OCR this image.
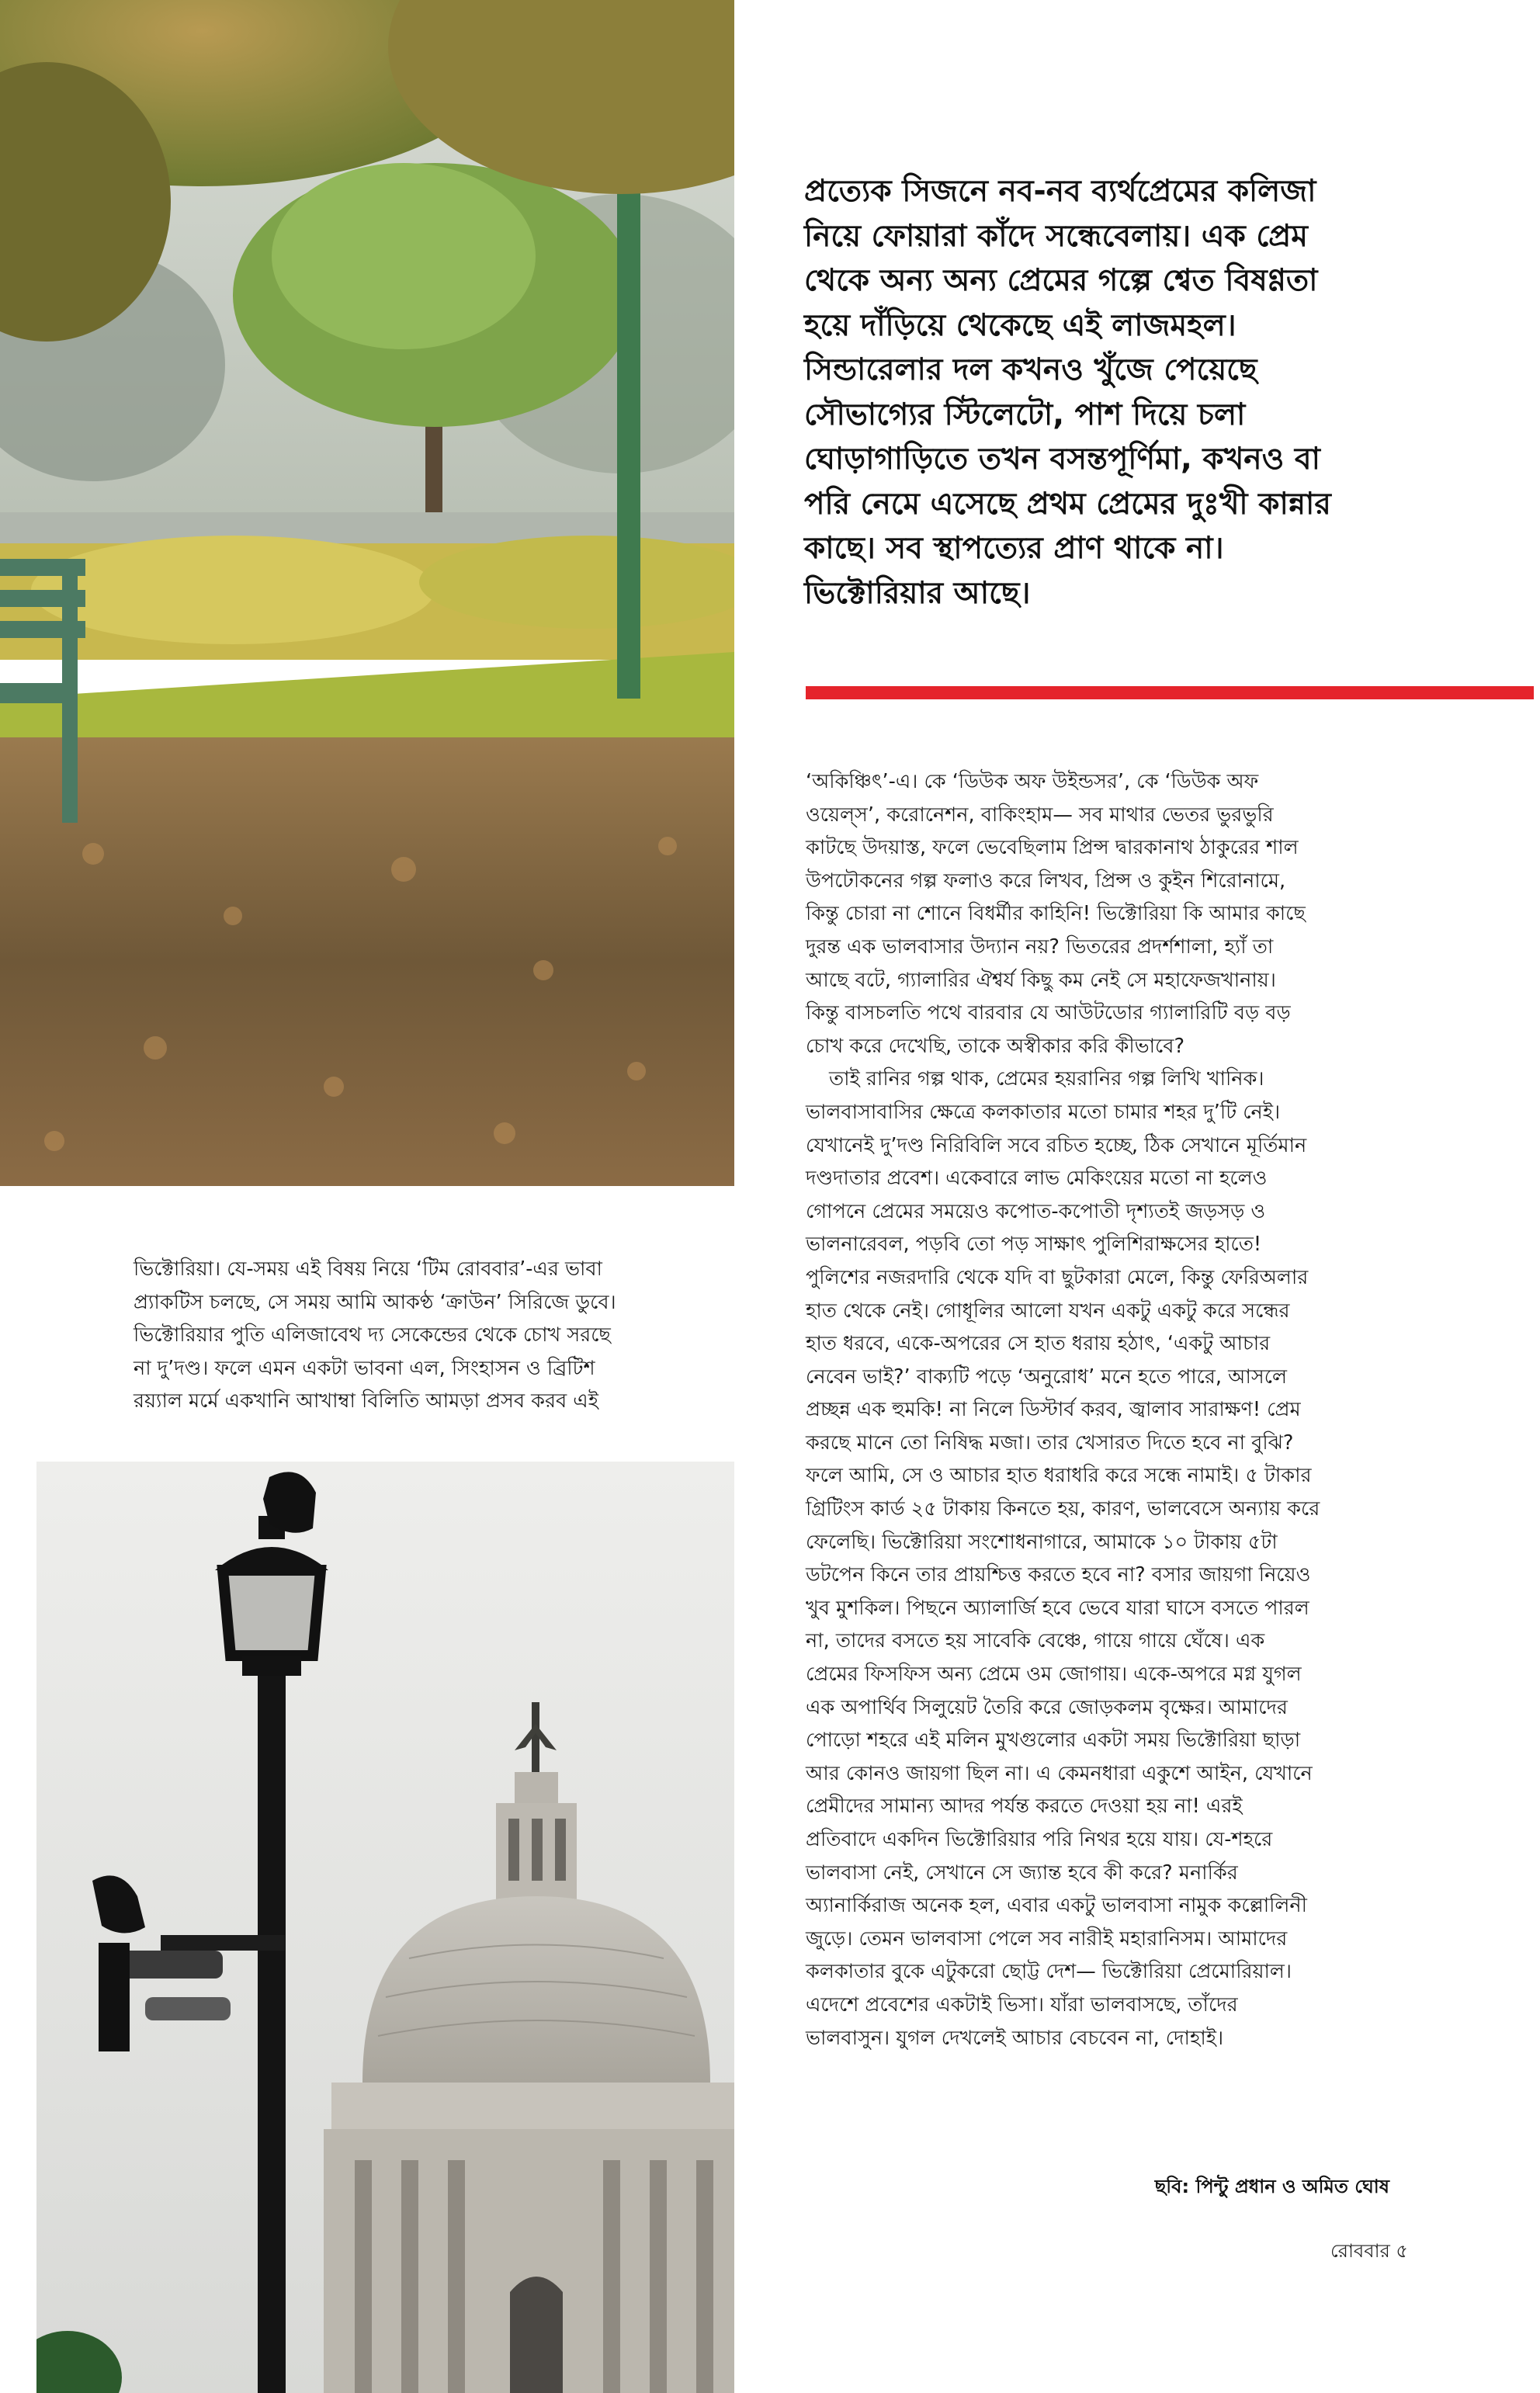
প্রত্যেক সিজনে নব-নব ব্যর্থপ্রেমের কলিজা
নিয়ে ফোয়ারা কাঁদে সন্ধেবেলায়। এক প্রেম
থেকে অন্য অন্য প্রেমের গল্পে শ্বেত বিষণ্ণতা
হয়ে দাঁড়িয়ে থেকেছে এই লাজমহল।
সিন্ডারেলার দল কখনও খুঁজে পেয়েছে
সৌভাগ্যের স্টিলেটো, পাশ দিয়ে চলা
ঘোড়াগাড়িতে তখন বসন্তপূর্ণিমা, কখনও বা
পরি নেমে এসেছে প্রথম প্রেমের দুঃখী কান্নার
কাছে। সব স্থাপত্যের প্রাণ থাকে না।
ভিক্টোরিয়ার আছে।
‘অকিঞ্চিৎ’-এ। কে ‘ডিউক অফ উইন্ডসর’, কে ‘ডিউক অফ
ওয়েল্‌স’, করোনেশন, বাকিংহাম— সব মাথার ভেতর ভুরভুরি
কাটছে উদয়াস্ত, ফলে ভেবেছিলাম প্রিন্স দ্বারকানাথ ঠাকুরের শাল
উপঢৌকনের গল্প ফলাও করে লিখব, প্রিন্স ও কুইন শিরোনামে,
কিন্তু চোরা না শোনে বিধর্মীর কাহিনি! ভিক্টোরিয়া কি আমার কাছে
দুরন্ত এক ভালবাসার উদ্যান নয়? ভিতরের প্রদর্শশালা, হ্যাঁ তা
আছে বটে, গ্যালারির ঐশ্বর্য কিছু কম নেই সে মহাফেজখানায়।
কিন্তু বাসচলতি পথে বারবার যে আউটডোর গ্যালারিটি বড় বড়
চোখ করে দেখেছি, তাকে অস্বীকার করি কীভাবে?
তাই রানির গল্প থাক, প্রেমের হয়রানির গল্প লিখি খানিক।
ভালবাসাবাসির ক্ষেত্রে কলকাতার মতো চামার শহর দু’টি নেই।
যেখানেই দু’দণ্ড নিরিবিলি সবে রচিত হচ্ছে, ঠিক সেখানে মূর্তিমান
দণ্ডদাতার প্রবেশ। একেবারে লাভ মেকিংয়ের মতো না হলেও
গোপনে প্রেমের সময়েও কপোত-কপোতী দৃশ্যতই জড়সড় ও
ভালনারেবল, পড়বি তো পড় সাক্ষাৎ পুলিশিরাক্ষসের হাতে!
পুলিশের নজরদারি থেকে যদি বা ছুটকারা মেলে, কিন্তু ফেরিঅলার
হাত থেকে নেই। গোধূলির আলো যখন একটু একটু করে সন্ধের
হাত ধরবে, একে-অপরের সে হাত ধরায় হঠাৎ, ‘একটু আচার
নেবেন ভাই?’ বাক্যটি পড়ে ‘অনুরোধ’ মনে হতে পারে, আসলে
প্রচ্ছন্ন এক হুমকি! না নিলে ডিস্টার্ব করব, জ্বালাব সারাক্ষণ! প্রেম
করছে মানে তো নিষিদ্ধ মজা। তার খেসারত দিতে হবে না বুঝি?
ফলে আমি, সে ও আচার হাত ধরাধরি করে সন্ধে নামাই। ৫ টাকার
গ্রিটিংস কার্ড ২৫ টাকায় কিনতে হয়, কারণ, ভালবেসে অন্যায় করে
ফেলেছি। ভিক্টোরিয়া সংশোধনাগারে, আমাকে ১০ টাকায় ৫টা
ডটপেন কিনে তার প্রায়শ্চিত্ত করতে হবে না? বসার জায়গা নিয়েও
খুব মুশকিল। পিছনে অ্যালার্জি হবে ভেবে যারা ঘাসে বসতে পারল
না, তাদের বসতে হয় সাবেকি বেঞ্চে, গায়ে গায়ে ঘেঁষে। এক
প্রেমের ফিসফিস অন্য প্রেমে ওম জোগায়। একে-অপরে মগ্ন যুগল
এক অপার্থিব সিলুয়েট তৈরি করে জোড়কলম বৃক্ষের। আমাদের
পোড়ো শহরে এই মলিন মুখগুলোর একটা সময় ভিক্টোরিয়া ছাড়া
আর কোনও জায়গা ছিল না। এ কেমনধারা একুশে আইন, যেখানে
প্রেমীদের সামান্য আদর পর্যন্ত করতে দেওয়া হয় না! এরই
প্রতিবাদে একদিন ভিক্টোরিয়ার পরি নিথর হয়ে যায়। যে-শহরে
ভালবাসা নেই, সেখানে সে জ্যান্ত হবে কী করে? মনার্কির
অ্যানার্কিরাজ অনেক হল, এবার একটু ভালবাসা নামুক কল্লোলিনী
জুড়ে। তেমন ভালবাসা পেলে সব নারীই মহারানিসম। আমাদের
কলকাতার বুকে এটুকরো ছোট্ট দেশ— ভিক্টোরিয়া প্রেমোরিয়াল।
এদেশে প্রবেশের একটাই ভিসা। যাঁরা ভালবাসছে, তাঁদের
ভালবাসুন। যুগল দেখলেই আচার বেচবেন না, দোহাই।
ভিক্টোরিয়া। যে-সময় এই বিষয় নিয়ে ‘টিম রোববার’-এর ভাবা
প্র্যাকটিস চলছে, সে সময় আমি আকণ্ঠ ‘ক্রাউন’ সিরিজে ডুবে।
ভিক্টোরিয়ার পুতি এলিজাবেথ দ্য সেকেন্ডের থেকে চোখ সরছে
না দু’দণ্ড। ফলে এমন একটা ভাবনা এল, সিংহাসন ও ব্রিটিশ
রয়্যাল মর্মে একখানি আখাম্বা বিলিতি আমড়া প্রসব করব এই
ছবি: পিন্টু প্রধান ও অমিত ঘোষ
রোববার ৫
